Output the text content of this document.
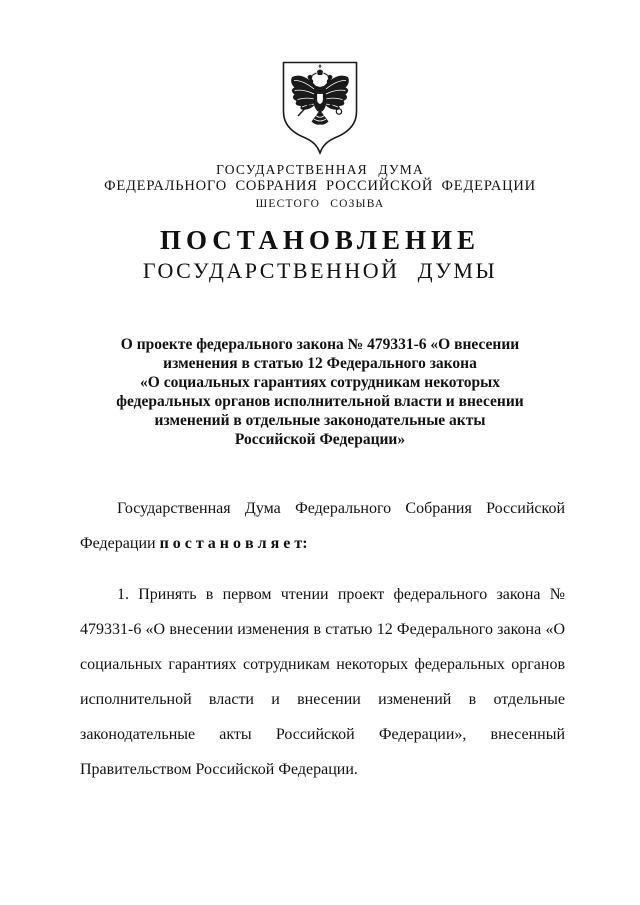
ГОСУДАРСТВЕННАЯ ДУМА
ФЕДЕРАЛЬНОГО СОБРАНИЯ РОССИЙСКОЙ ФЕДЕРАЦИИ
ШЕСТОГО СОЗЫВА
ПОСТАНОВЛЕНИЕ
ГОСУДАРСТВЕННОЙ ДУМЫ
О проекте федерального закона № 479331-6 «О внесении
изменения в статью 12 Федерального закона
«О социальных гарантиях сотрудникам некоторых
федеральных органов исполнительной власти и внесении
изменений в отдельные законодательные акты
Российской Федерации»

Государственная Дума Федерального Собрания Российской Федерации п о с т а н о в л я е т:

1. Принять в первом чтении проект федерального закона № 479331-6 «О внесении изменения в статью 12 Федерального закона «О социальных гарантиях сотрудникам некоторых федеральных органов исполнительной власти и внесении изменений в отдельные законодательные акты Российской Федерации», внесенный Правительством Российской Федерации.
